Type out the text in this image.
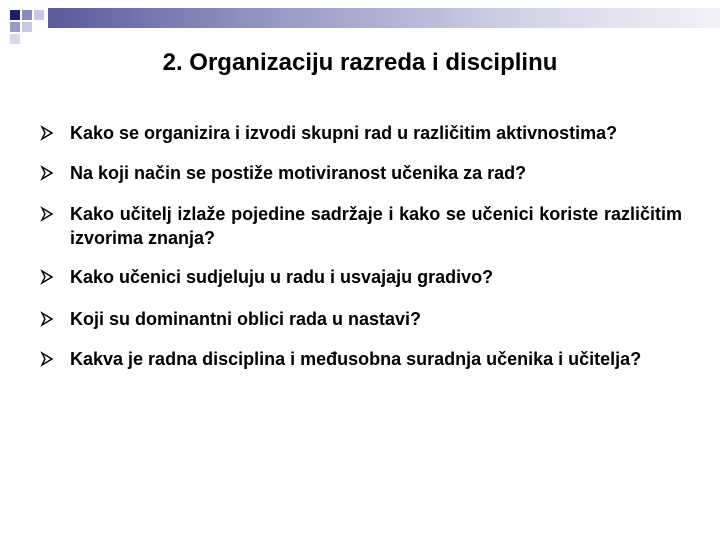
2. Organizaciju razreda i disciplinu
Kako se organizira i izvodi skupni rad u različitim aktivnostima?
Na koji način se postiže motiviranost učenika za rad?
Kako učitelj izlaže pojedine sadržaje i kako se učenici koriste različitim izvorima znanja?
Kako učenici sudjeluju u radu i usvajaju gradivo?
Koji su dominantni oblici rada u nastavi?
Kakva je radna disciplina i međusobna suradnja učenika i učitelja?
